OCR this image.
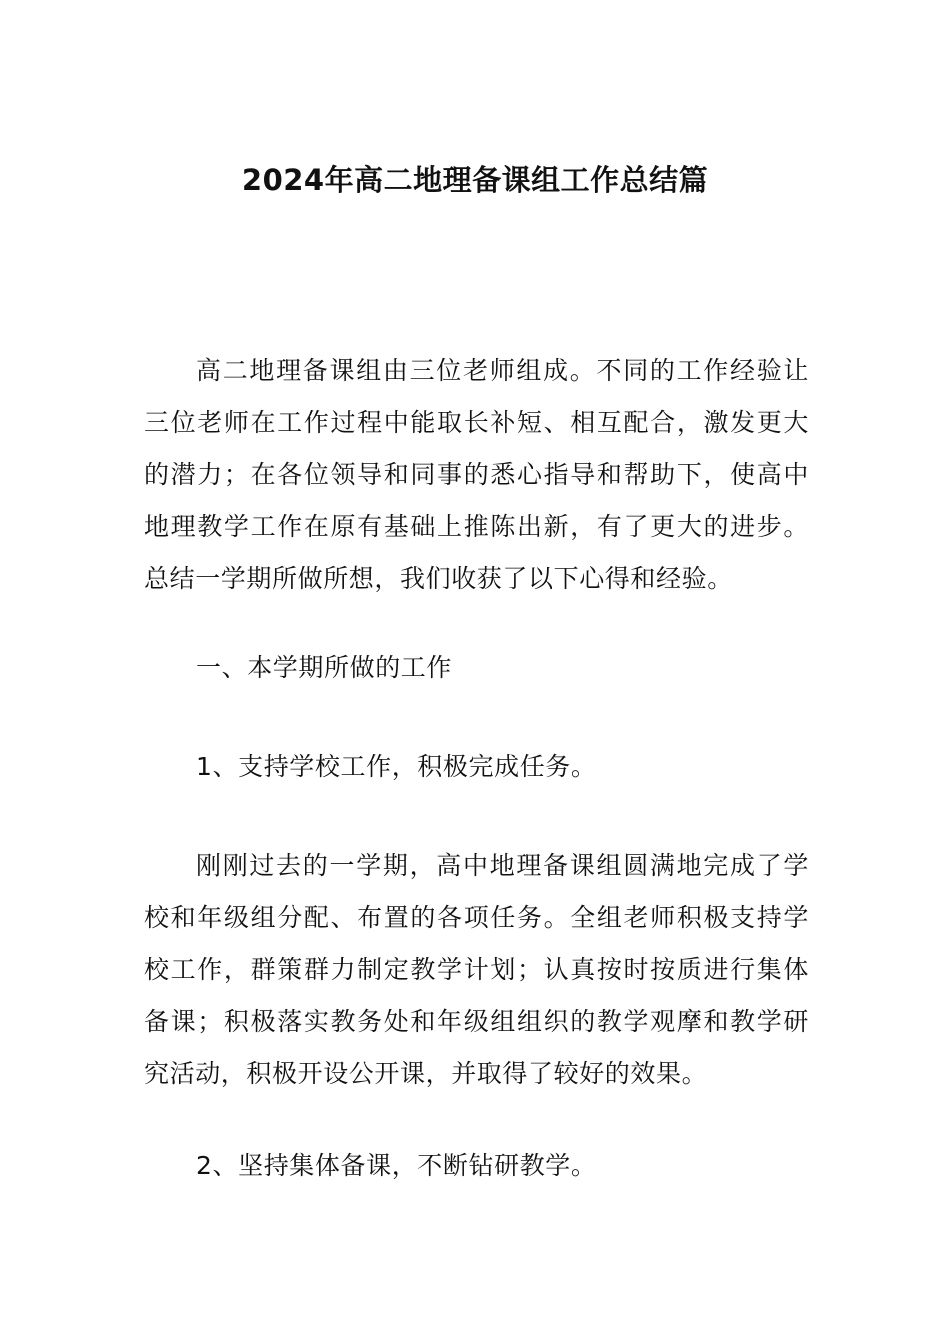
2024年高二地理备课组工作总结篇

高二地理备课组由三位老师组成。不同的工作经验让三位老师在工作过程中能取长补短、相互配合，激发更大的潜力；在各位领导和同事的悉心指导和帮助下，使高中地理教学工作在原有基础上推陈出新，有了更大的进步。总结一学期所做所想，我们收获了以下心得和经验。

一、本学期所做的工作

1、支持学校工作，积极完成任务。

刚刚过去的一学期，高中地理备课组圆满地完成了学校和年级组分配、布置的各项任务。全组老师积极支持学校工作，群策群力制定教学计划；认真按时按质进行集体备课；积极落实教务处和年级组组织的教学观摩和教学研究活动，积极开设公开课，并取得了较好的效果。

2、坚持集体备课，不断钻研教学。
